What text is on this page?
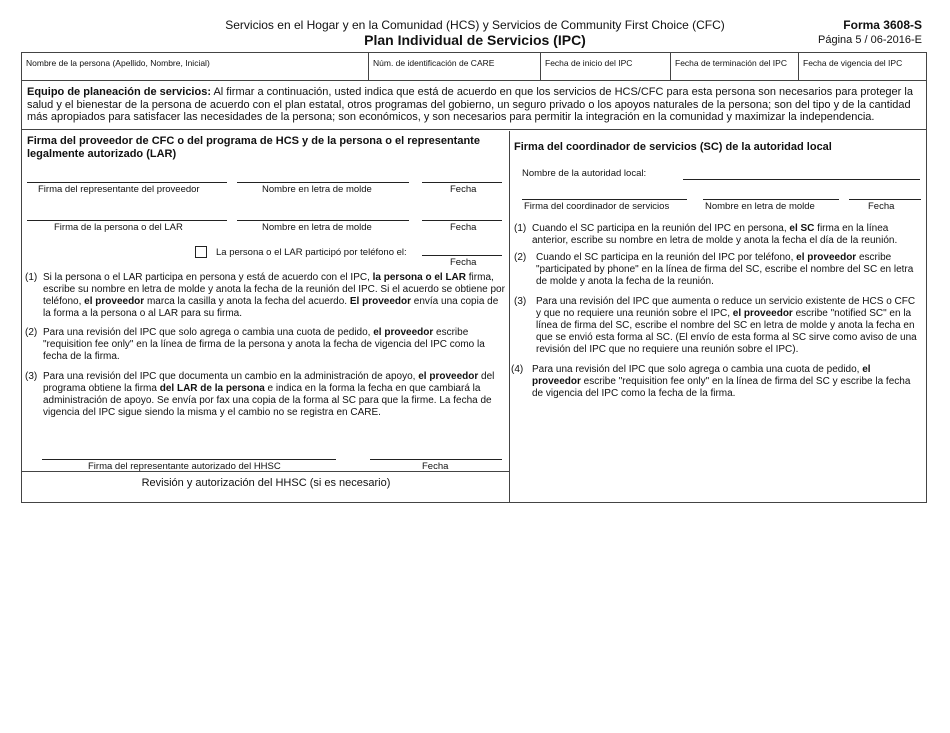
Servicios en el Hogar y en la Comunidad (HCS) y Servicios de Community First Choice (CFC)
Plan Individual de Servicios (IPC)
Forma 3608-S
Página 5 / 06-2016-E
Nombre de la persona (Apellido, Nombre, Inicial)	Núm. de identificación de CARE	Fecha de inicio del IPC	Fecha de terminación del IPC	Fecha de vigencia del IPC
Equipo de planeación de servicios: Al firmar a continuación, usted indica que está de acuerdo en que los servicios de HCS/CFC para esta persona son necesarios para proteger la salud y el bienestar de la persona de acuerdo con el plan estatal, otros programas del gobierno, un seguro privado o los apoyos naturales de la persona; son del tipo y de la cantidad más apropiados para satisfacer las necesidades de la persona; son económicos, y son necesarios para permitir la integración en la comunidad y maximizar la independencia.
Firma del proveedor de CFC o del programa de HCS y de la persona o el representante legalmente autorizado (LAR)
Firma del representante del proveedor	Nombre en letra de molde	Fecha
Firma de la persona o del LAR	Nombre en letra de molde	Fecha
La persona o el LAR participó por teléfono el:
Fecha
(1) Si la persona o el LAR participa en persona y está de acuerdo con el IPC, la persona o el LAR firma, escribe su nombre en letra de molde y anota la fecha de la reunión del IPC. Si el acuerdo se obtiene por teléfono, el proveedor marca la casilla y anota la fecha del acuerdo. El proveedor envía una copia de la forma a la persona o al LAR para su firma.
(2) Para una revisión del IPC que solo agrega o cambia una cuota de pedido, el proveedor escribe "requisition fee only" en la línea de firma de la persona y anota la fecha de vigencia del IPC como la fecha de la firma.
(3) Para una revisión del IPC que documenta un cambio en la administración de apoyo, el proveedor del programa obtiene la firma del LAR de la persona e indica en la forma la fecha en que cambiará la administración de apoyo. Se envía por fax una copia de la forma al SC para que la firme. La fecha de vigencia del IPC sigue siendo la misma y el cambio no se registra en CARE.
Revisión y autorización del HHSC (si es necesario)
Firma del representante autorizado del HHSC	Fecha
Firma del coordinador de servicios (SC) de la autoridad local
Nombre de la autoridad local:
Firma del coordinador de servicios	Nombre en letra de molde	Fecha
(1) Cuando el SC participa en la reunión del IPC en persona, el SC firma en la línea anterior, escribe su nombre en letra de molde y anota la fecha el día de la reunión.
(2) Cuando el SC participa en la reunión del IPC por teléfono, el proveedor escribe "participated by phone" en la línea de firma del SC, escribe el nombre del SC en letra de molde y anota la fecha de la reunión.
(3) Para una revisión del IPC que aumenta o reduce un servicio existente de HCS o CFC y que no requiere una reunión sobre el IPC, el proveedor escribe "notified SC" en la línea de firma del SC, escribe el nombre del SC en letra de molde y anota la fecha en que se envió esta forma al SC. (El envío de esta forma al SC sirve como aviso de una revisión del IPC que no requiere una reunión sobre el IPC).
(4) Para una revisión del IPC que solo agrega o cambia una cuota de pedido, el proveedor escribe "requisition fee only" en la línea de firma del SC y escribe la fecha de vigencia del IPC como la fecha de la firma.
